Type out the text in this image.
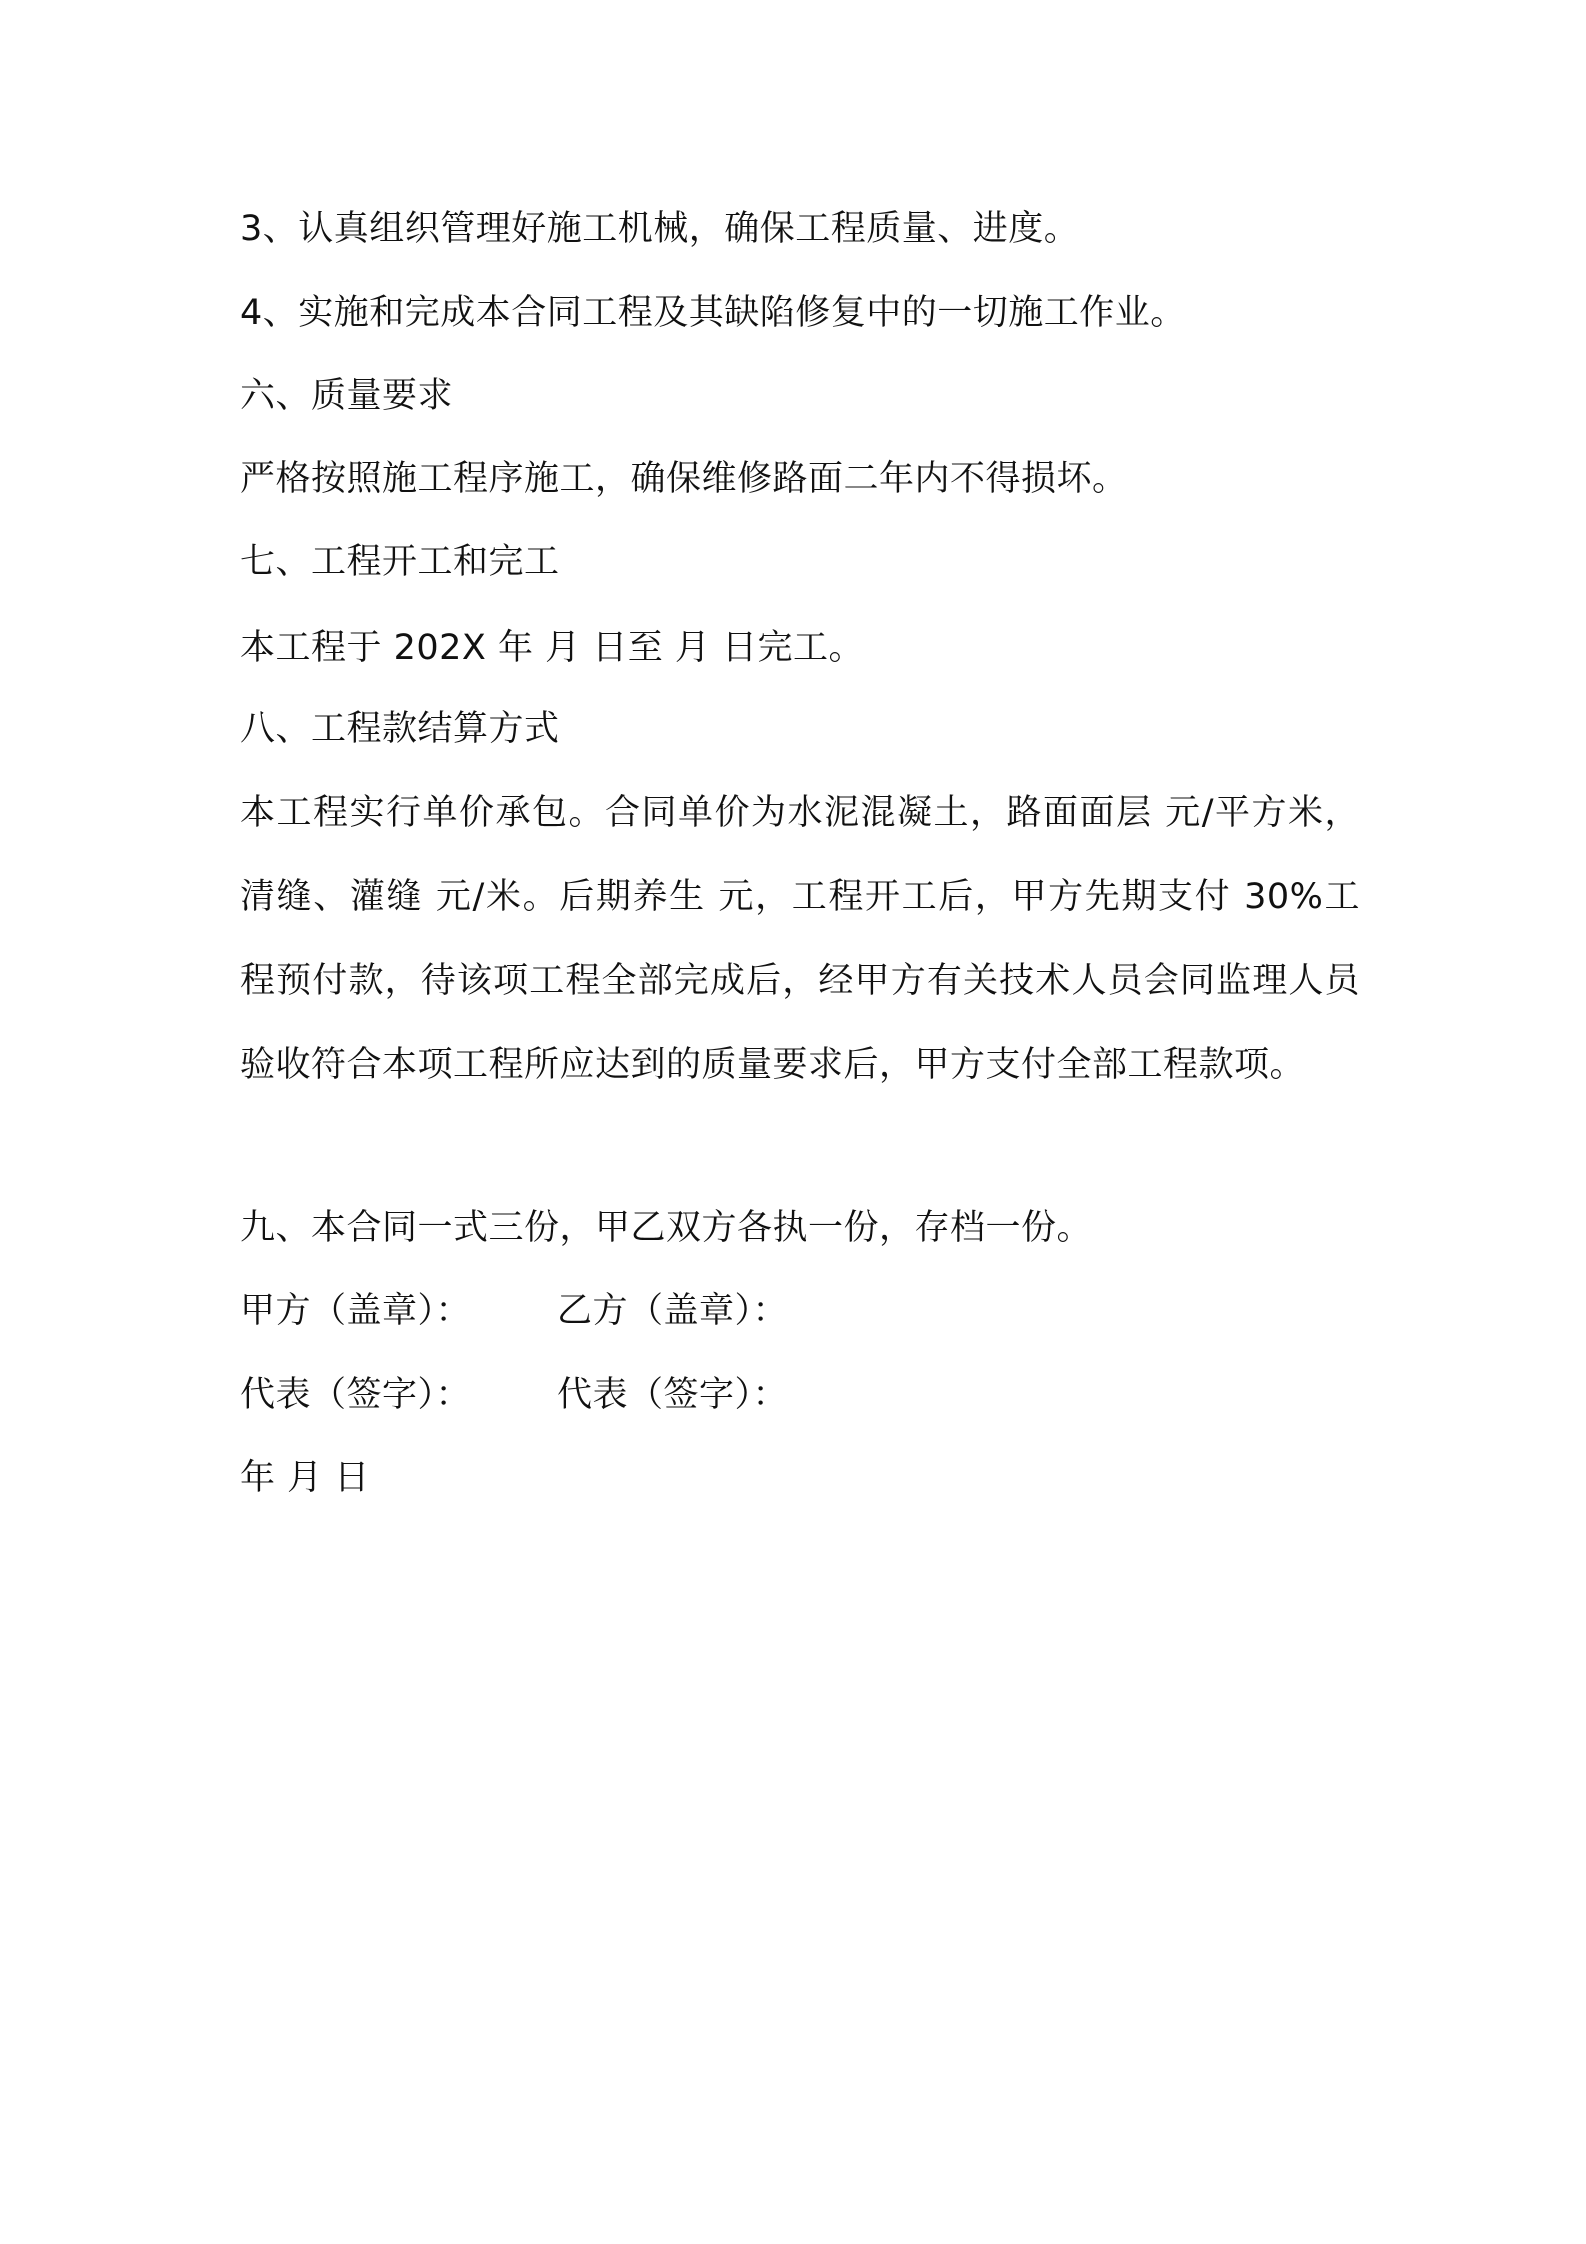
3、认真组织管理好施工机械，确保工程质量、进度。
4、实施和完成本合同工程及其缺陷修复中的一切施工作业。
六、质量要求
严格按照施工程序施工，确保维修路面二年内不得损坏。
七、工程开工和完工
本工程于 202X 年 月 日至 月 日完工。
八、工程款结算方式
本工程实行单价承包。合同单价为水泥混凝土，路面面层 元/平方米，清缝、灌缝 元/米。后期养生 元，工程开工后，甲方先期支付 30%工程预付款，待该项工程全部完成后，经甲方有关技术人员会同监理人员验收符合本项工程所应达到的质量要求后，甲方支付全部工程款项。
九、本合同一式三份，甲乙双方各执一份，存档一份。
甲方（盖章）：	乙方（盖章）：
代表（签字）：	代表（签字）：
年 月 日
